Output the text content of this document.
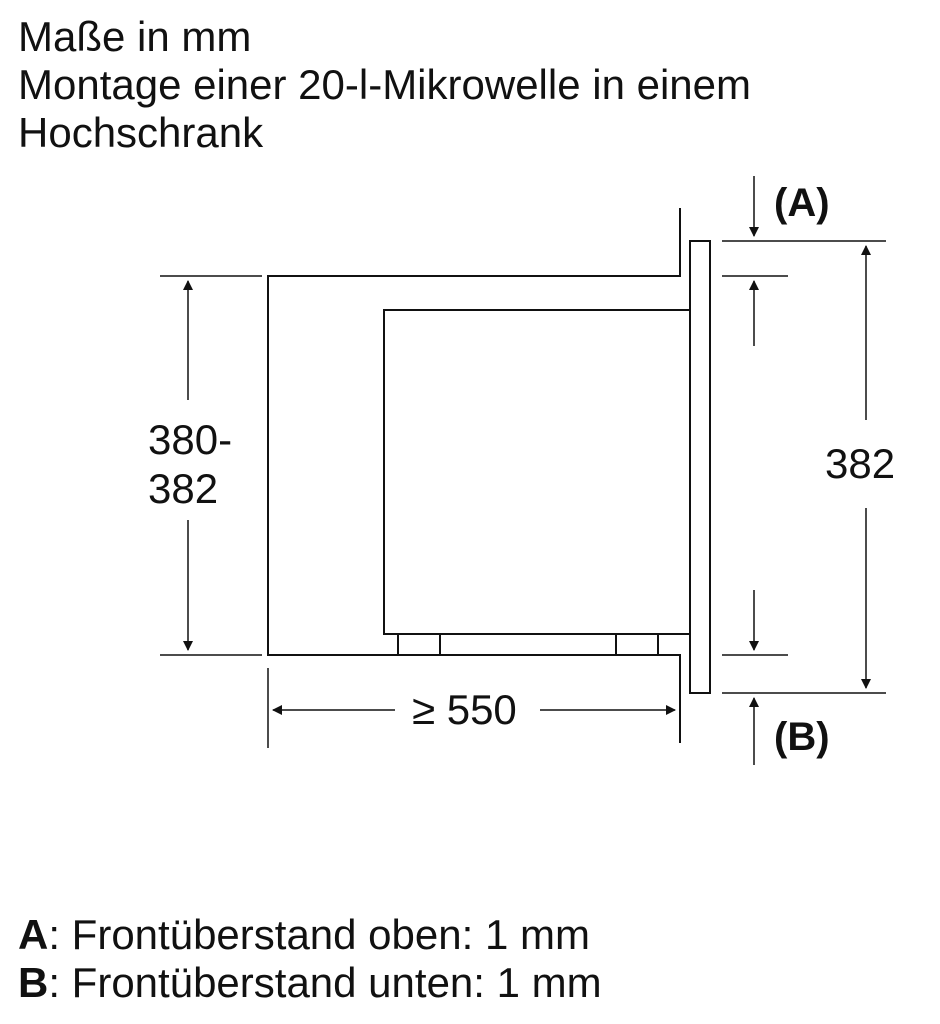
Maße in mm
Montage einer 20-l-Mikrowelle in einem
Hochschrank
380-
382
≥ 550
382
(A)
(B)
A: Frontüberstand oben: 1 mm
B: Frontüberstand unten: 1 mm
